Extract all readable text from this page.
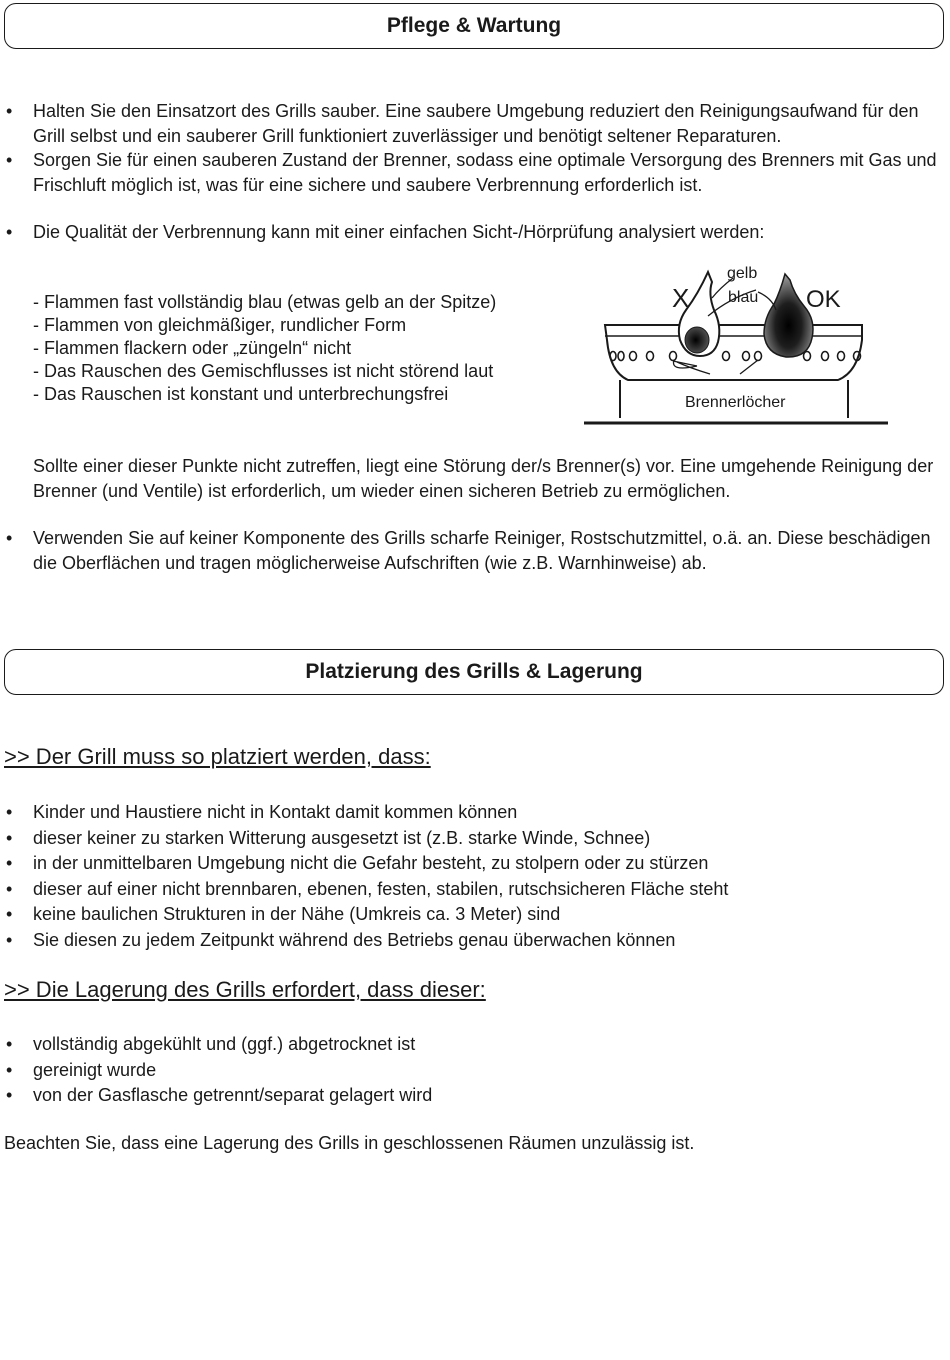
Pflege & Wartung
• Halten Sie den Einsatzort des Grills sauber. Eine saubere Umgebung reduziert den Reinigungsaufwand für den Grill selbst und ein sauberer Grill funktioniert zuverlässiger und benötigt seltener Reparaturen.
• Sorgen Sie für einen sauberen Zustand der Brenner, sodass eine optimale Versorgung des Brenners mit Gas und Frischluft möglich ist, was für eine sichere und saubere Verbrennung erforderlich ist.
• Die Qualität der Verbrennung kann mit einer einfachen Sicht-/Hörprüfung analysiert werden:
- Flammen fast vollständig blau (etwas gelb an der Spitze)
- Flammen von gleichmäßiger, rundlicher Form
- Flammen flackern oder „züngeln“ nicht
- Das Rauschen des Gemischflusses ist nicht störend laut
- Das Rauschen ist konstant und unterbrechungsfrei
X	OK
gelb
blau
Brennerlöcher
Sollte einer dieser Punkte nicht zutreffen, liegt eine Störung der/s Brenner(s) vor. Eine umgehende Reinigung der Brenner (und Ventile) ist erforderlich, um wieder einen sicheren Betrieb zu ermöglichen.
• Verwenden Sie auf keiner Komponente des Grills scharfe Reiniger, Rostschutzmittel, o.ä. an. Diese beschädigen die Oberflächen und tragen möglicherweise Aufschriften (wie z.B. Warnhinweise) ab.
Platzierung des Grills & Lagerung
>> Der Grill muss so platziert werden, dass:
• Kinder und Haustiere nicht in Kontakt damit kommen können
• dieser keiner zu starken Witterung ausgesetzt ist (z.B. starke Winde, Schnee)
• in der unmittelbaren Umgebung nicht die Gefahr besteht, zu stolpern oder zu stürzen
• dieser auf einer nicht brennbaren, ebenen, festen, stabilen, rutschsicheren Fläche steht
• keine baulichen Strukturen in der Nähe (Umkreis ca. 3 Meter) sind
• Sie diesen zu jedem Zeitpunkt während des Betriebs genau überwachen können
>> Die Lagerung des Grills erfordert, dass dieser:
• vollständig abgekühlt und (ggf.) abgetrocknet ist
• gereinigt wurde
• von der Gasflasche getrennt/separat gelagert wird
Beachten Sie, dass eine Lagerung des Grills in geschlossenen Räumen unzulässig ist.
